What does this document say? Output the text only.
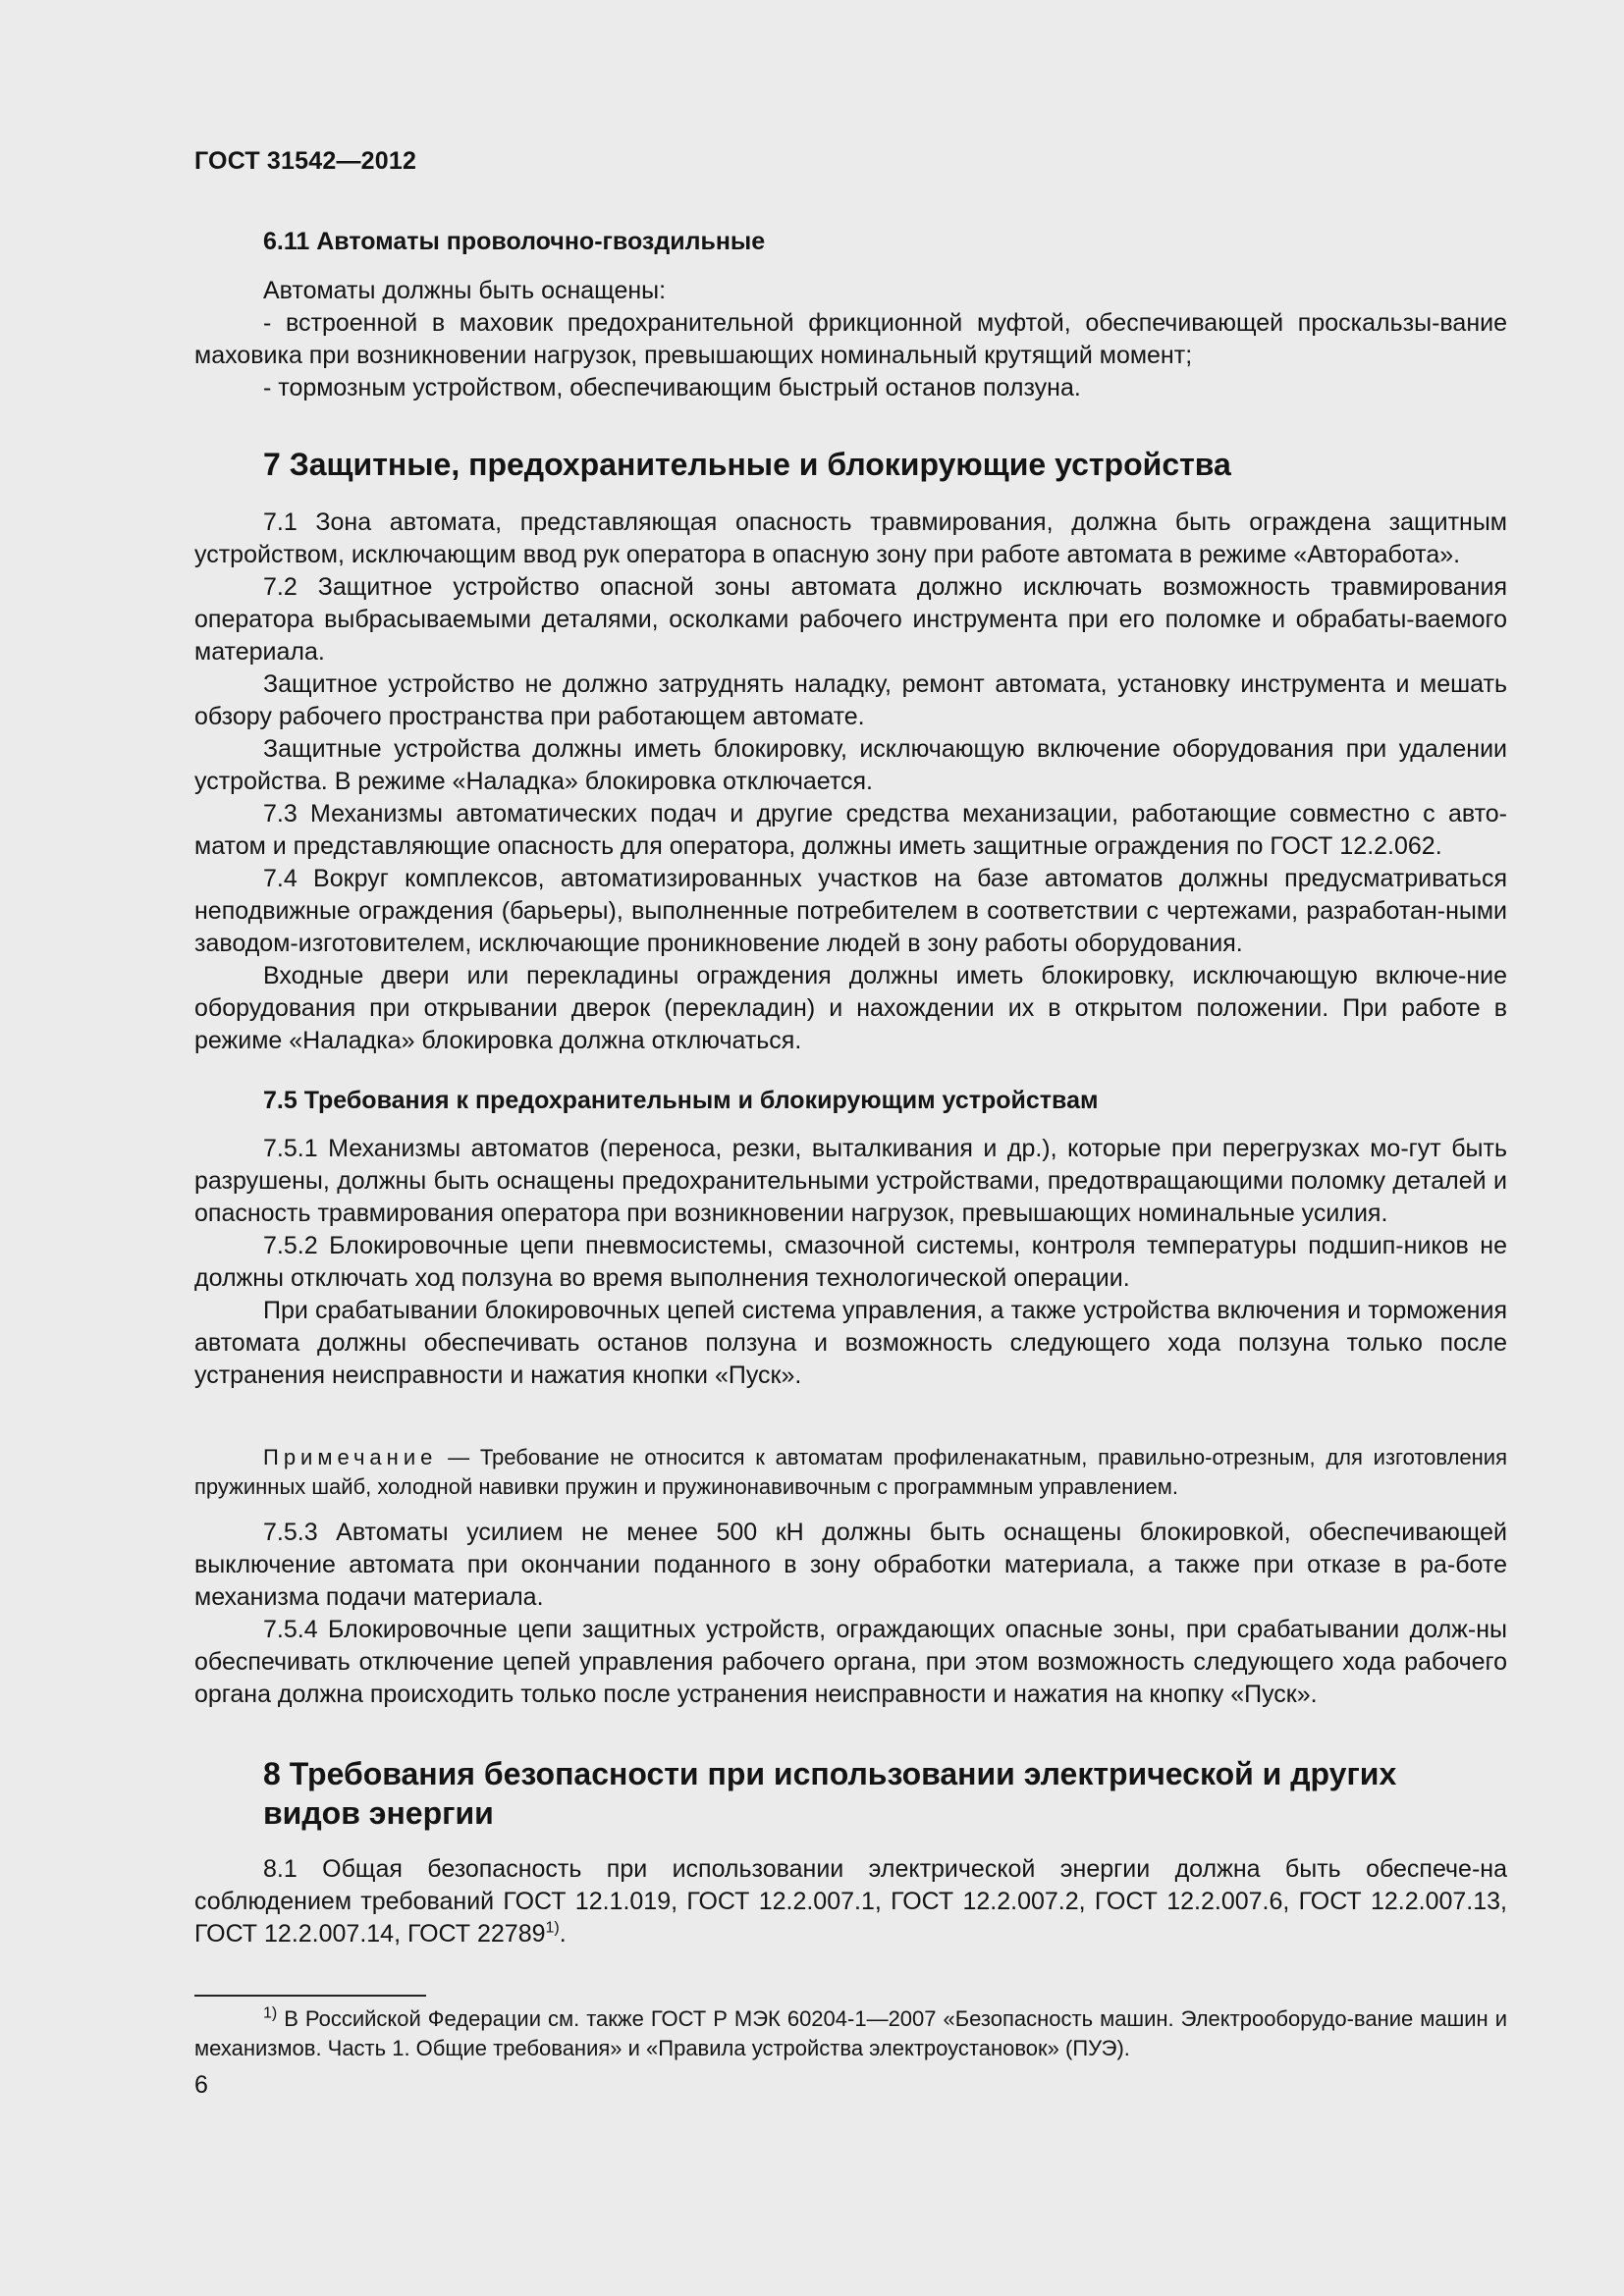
ГОСТ 31542—2012

6.11 Автоматы проволочно-гвоздильные

Автоматы должны быть оснащены:

- встроенной в маховик предохранительной фрикционной муфтой, обеспечивающей проскальзы-вание маховика при возникновении нагрузок, превышающих номинальный крутящий момент;

- тормозным устройством, обеспечивающим быстрый останов ползуна.

7 Защитные, предохранительные и блокирующие устройства

7.1 Зона автомата, представляющая опасность травмирования, должна быть ограждена защитным устройством, исключающим ввод рук оператора в опасную зону при работе автомата в режиме «Авторабота».

7.2 Защитное устройство опасной зоны автомата должно исключать возможность травмирования оператора выбрасываемыми деталями, осколками рабочего инструмента при его поломке и обрабаты-ваемого материала.

Защитное устройство не должно затруднять наладку, ремонт автомата, установку инструмента и мешать обзору рабочего пространства при работающем автомате.

Защитные устройства должны иметь блокировку, исключающую включение оборудования при удалении устройства. В режиме «Наладка» блокировка отключается.

7.3 Механизмы автоматических подач и другие средства механизации, работающие совместно с авто-матом и представляющие опасность для оператора, должны иметь защитные ограждения по ГОСТ 12.2.062.

7.4 Вокруг комплексов, автоматизированных участков на базе автоматов должны предусматриваться неподвижные ограждения (барьеры), выполненные потребителем в соответствии с чертежами, разработан-ными заводом-изготовителем, исключающие проникновение людей в зону работы оборудования.

Входные двери или перекладины ограждения должны иметь блокировку, исключающую включе-ние оборудования при открывании дверок (перекладин) и нахождении их в открытом положении. При работе в режиме «Наладка» блокировка должна отключаться.

7.5 Требования к предохранительным и блокирующим устройствам

7.5.1 Механизмы автоматов (переноса, резки, выталкивания и др.), которые при перегрузках мо-гут быть разрушены, должны быть оснащены предохранительными устройствами, предотвращающими поломку деталей и опасность травмирования оператора при возникновении нагрузок, превышающих номинальные усилия.

7.5.2 Блокировочные цепи пневмосистемы, смазочной системы, контроля температуры подшип-ников не должны отключать ход ползуна во время выполнения технологической операции.

При срабатывании блокировочных цепей система управления, а также устройства включения и торможения автомата должны обеспечивать останов ползуна и возможность следующего хода ползуна только после устранения неисправности и нажатия кнопки «Пуск».

Примечание — Требование не относится к автоматам профиленакатным, правильно-отрезным, для изготовления пружинных шайб, холодной навивки пружин и пружинонавивочным с программным управлением.

7.5.3 Автоматы усилием не менее 500 кН должны быть оснащены блокировкой, обеспечивающей выключение автомата при окончании поданного в зону обработки материала, а также при отказе в ра-боте механизма подачи материала.

7.5.4 Блокировочные цепи защитных устройств, ограждающих опасные зоны, при срабатывании долж-ны обеспечивать отключение цепей управления рабочего органа, при этом возможность следующего хода рабочего органа должна происходить только после устранения неисправности и нажатия на кнопку «Пуск».

8 Требования безопасности при использовании электрической и других

видов энергии

8.1 Общая безопасность при использовании электрической энергии должна быть обеспече-на соблюдением требований ГОСТ 12.1.019, ГОСТ 12.2.007.1, ГОСТ 12.2.007.2, ГОСТ 12.2.007.6, ГОСТ 12.2.007.13, ГОСТ 12.2.007.14, ГОСТ 22789$^{1)}$.

$^{1)}$ В Российской Федерации см. также ГОСТ Р МЭК 60204-1—2007 «Безопасность машин. Электрооборудо-вание машин и механизмов. Часть 1. Общие требования» и «Правила устройства электроустановок» (ПУЭ).

6
